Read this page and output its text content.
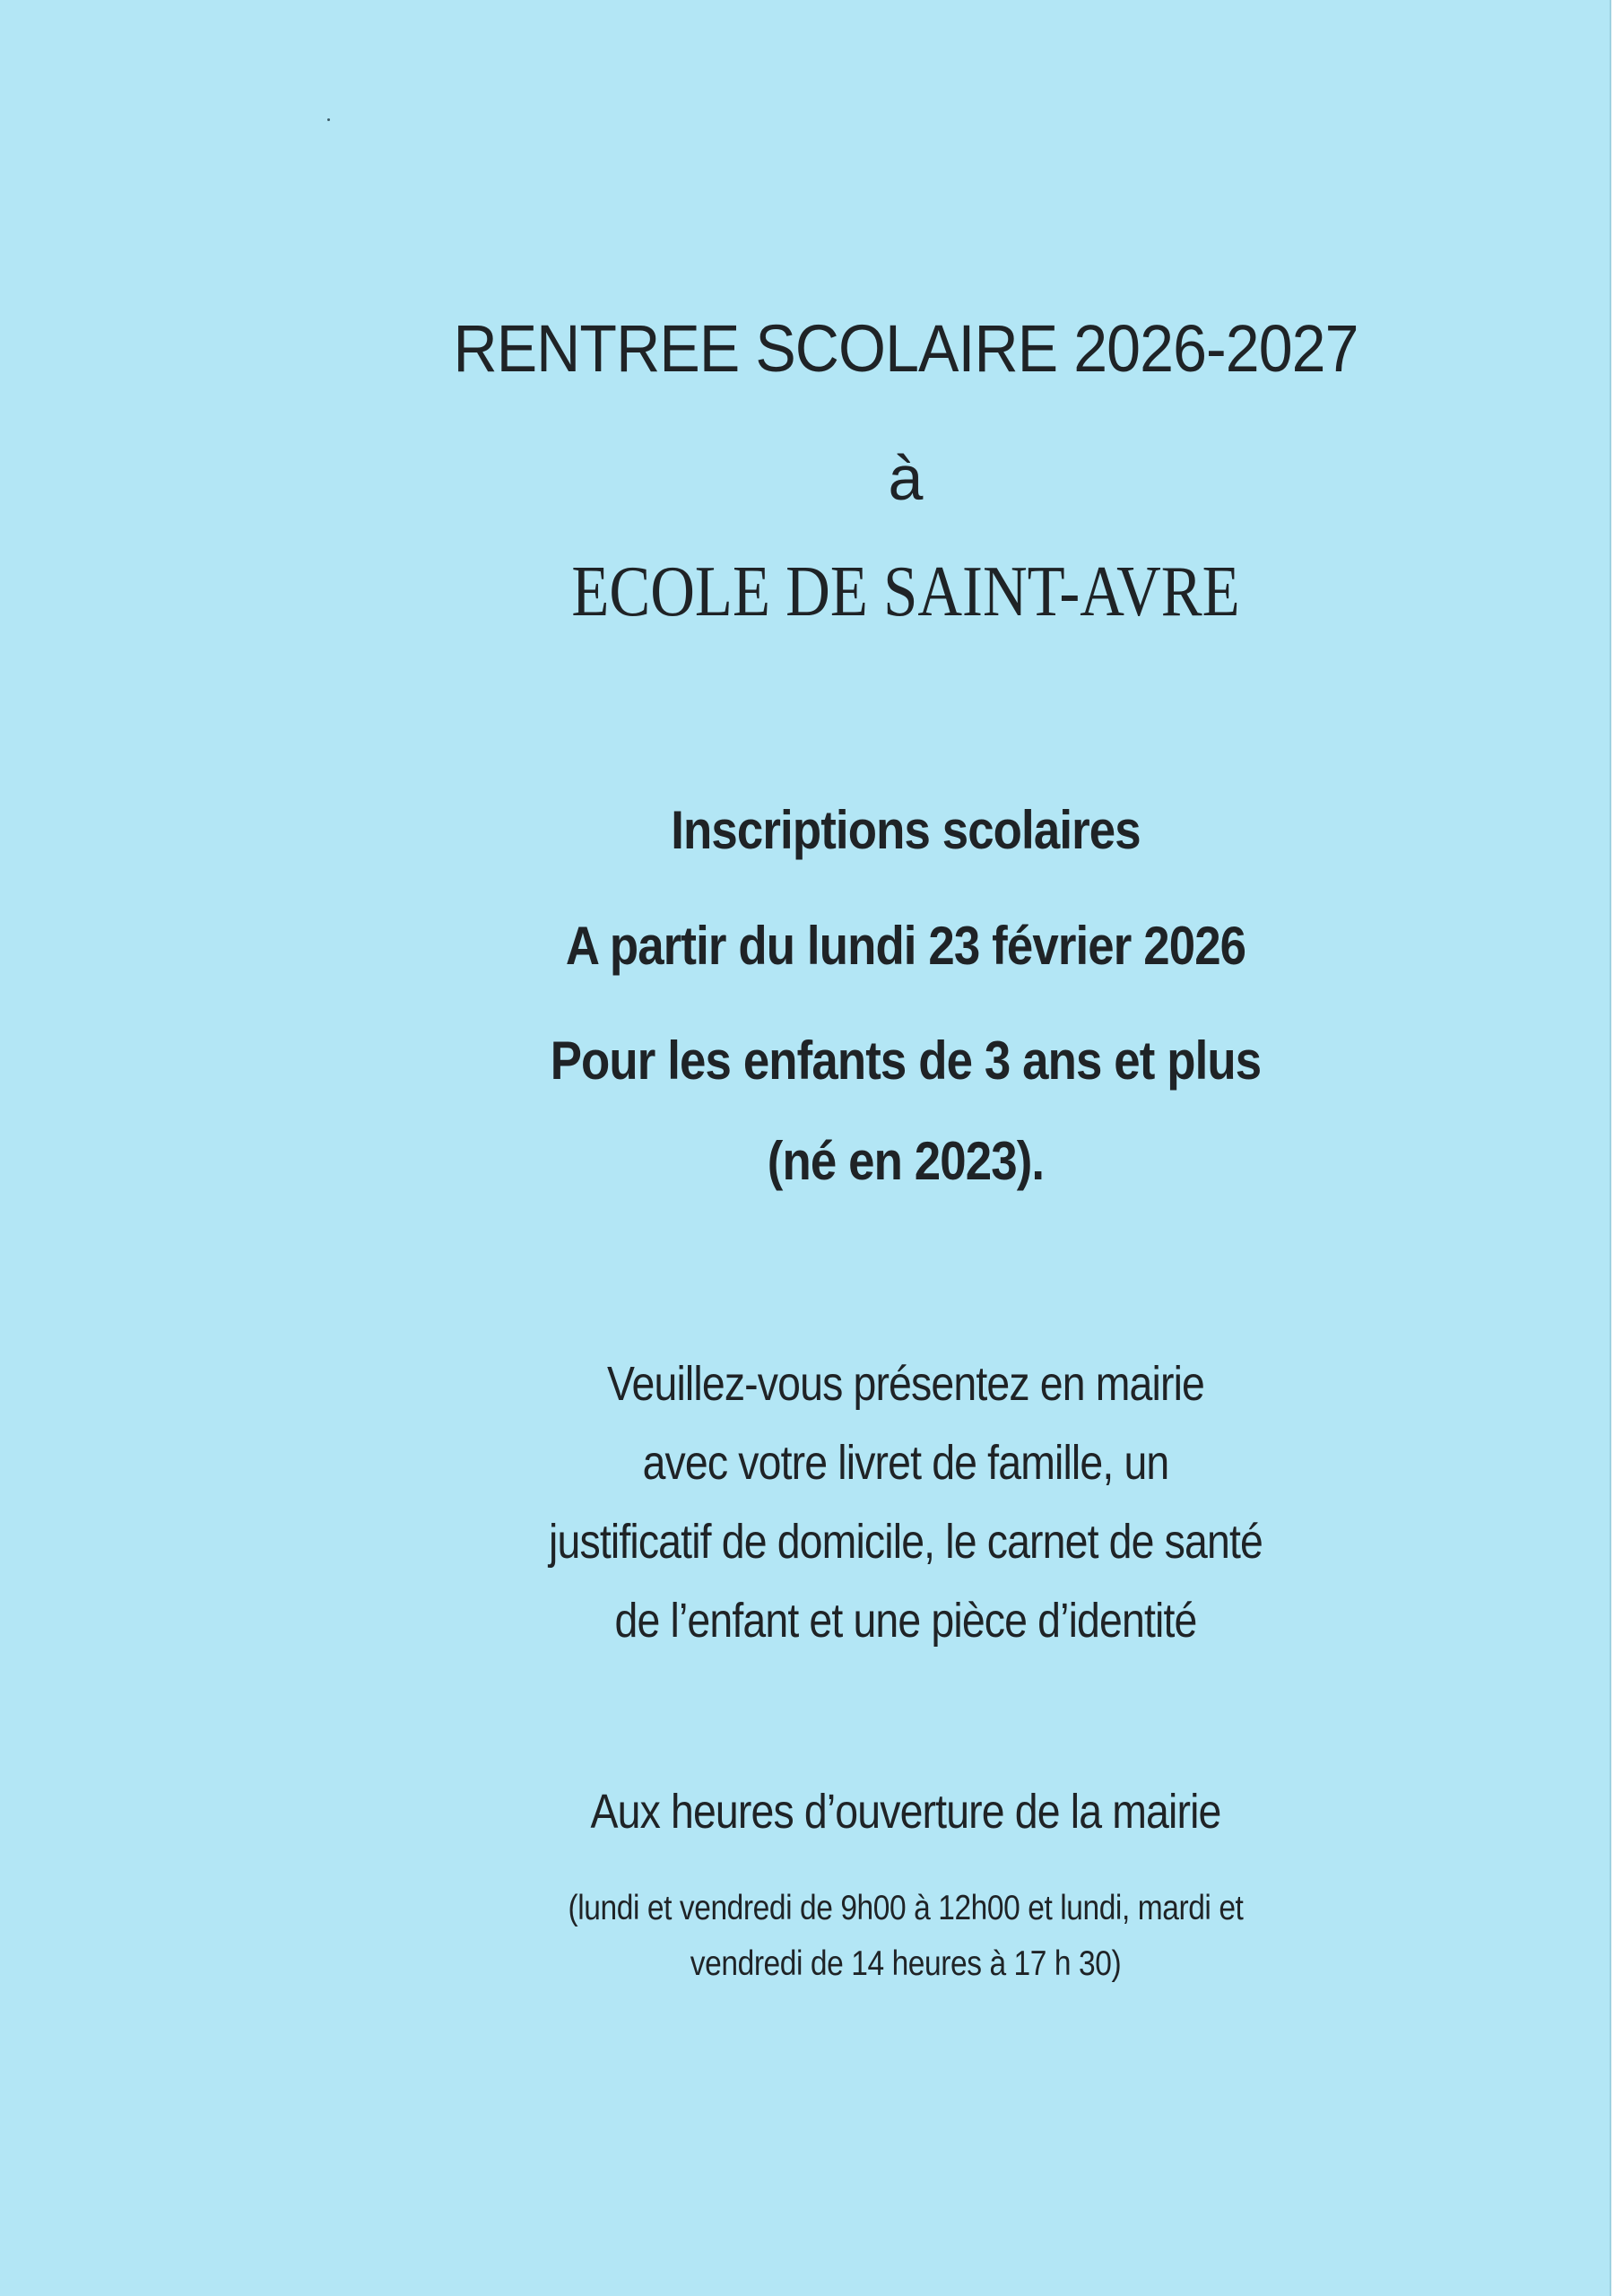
RENTREE SCOLAIRE 2026-2027
à
ECOLE DE SAINT-AVRE
Inscriptions scolaires
A partir du lundi 23 février 2026
Pour les enfants de 3 ans et plus
(né en 2023).
Veuillez-vous présentez en mairie
avec votre livret de famille, un
justificatif de domicile, le carnet de santé
de l’enfant et une pièce d’identité
Aux heures d’ouverture de la mairie
(lundi et vendredi de 9h00 à 12h00 et lundi, mardi et
vendredi de 14 heures à 17 h 30)
